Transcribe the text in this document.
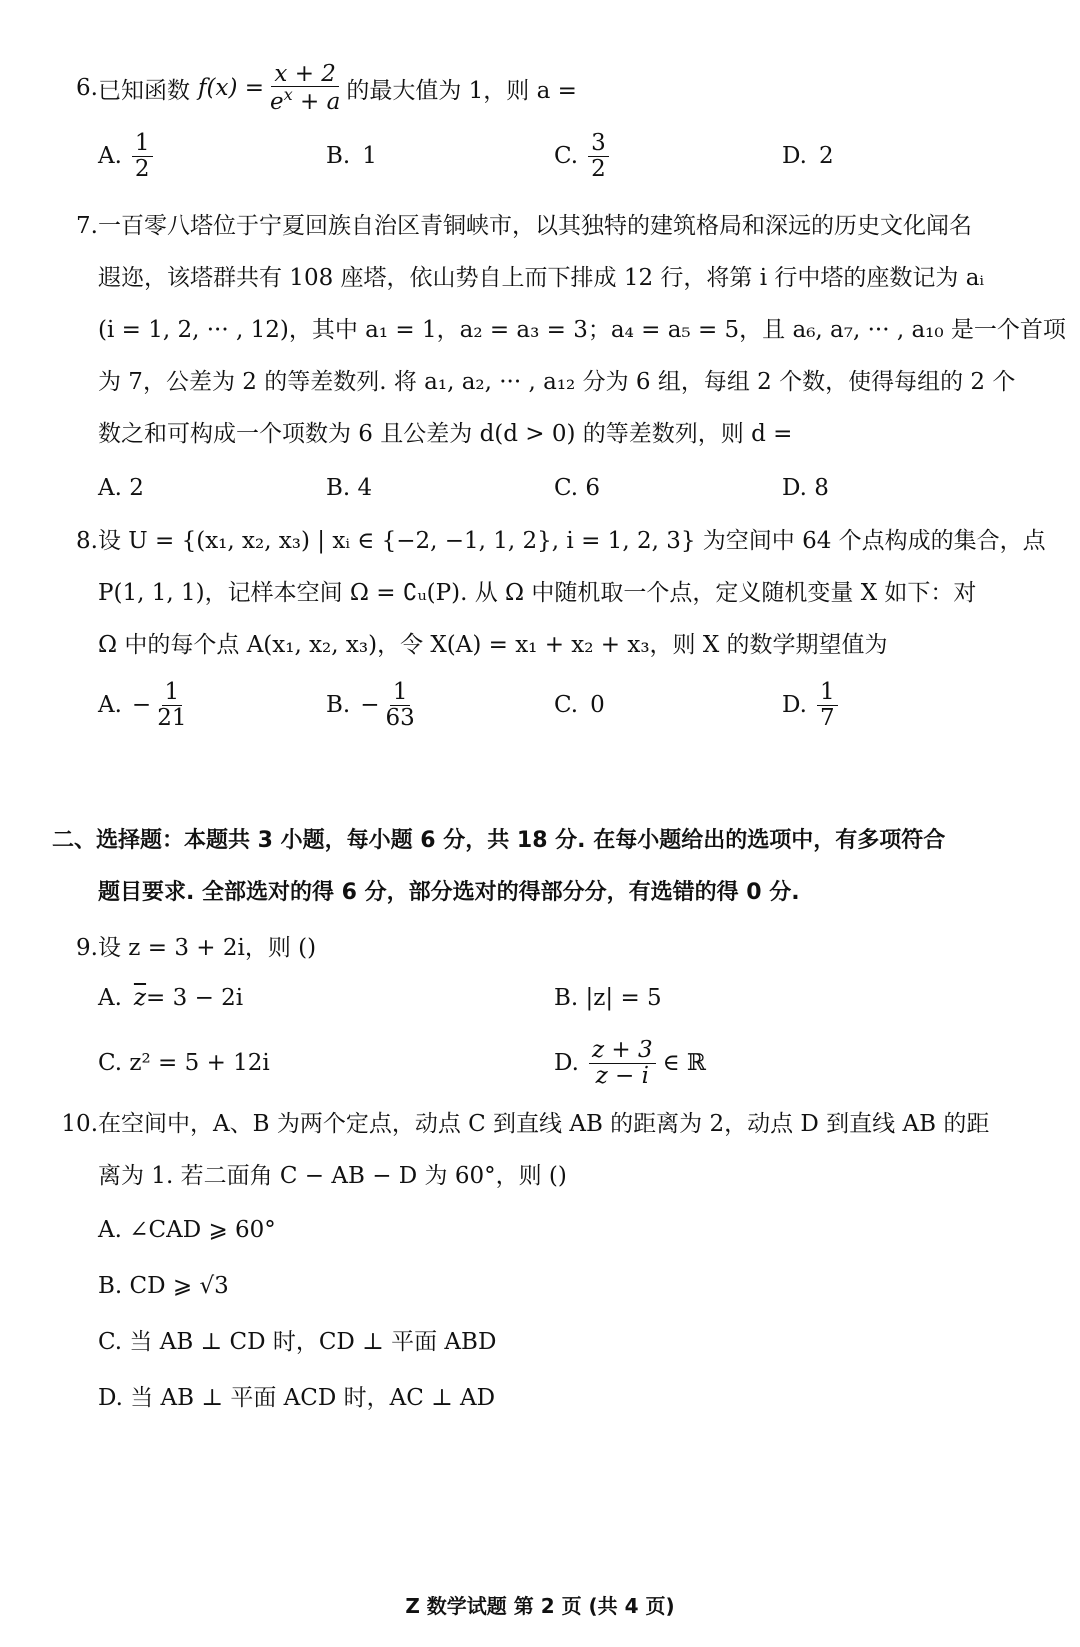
6. 已知函数 $f(x) = \frac{x + 2}{e^x + a}$ 的最大值为 1，则 a =
A. $\frac{1}{2}$	B. 1	C. $\frac{3}{2}$	D. 2
7. 一百零八塔位于宁夏回族自治区青铜峡市，以其独特的建筑格局和深远的历史文化闻名
遐迩，该塔群共有 108 座塔，依山势自上而下排成 12 行，将第 i 行中塔的座数记为 aᵢ
(i = 1, 2, ··· , 12)，其中 a₁ = 1，a₂ = a₃ = 3；a₄ = a₅ = 5，且 a₆, a₇, ··· , a₁₀ 是一个首项
为 7，公差为 2 的等差数列. 将 a₁, a₂, ··· , a₁₂ 分为 6 组，每组 2 个数，使得每组的 2 个
数之和可构成一个项数为 6 且公差为 d(d > 0) 的等差数列，则 d =
A. 2	B. 4	C. 6	D. 8
8. 设 U = {(x₁, x₂, x₃) | xᵢ ∈ {−2, −1, 1, 2}, i = 1, 2, 3} 为空间中 64 个点构成的集合，点
P(1, 1, 1)，记样本空间 Ω = ∁ᵤ(P). 从 Ω 中随机取一个点，定义随机变量 X 如下：对
Ω 中的每个点 A(x₁, x₂, x₃)，令 X(A) = x₁ + x₂ + x₃，则 X 的数学期望值为
A. − $\frac{1}{21}$	B. − $\frac{1}{63}$	C. 0	D. $\frac{1}{7}$
二、选择题：本题共 3 小题，每小题 6 分，共 18 分. 在每小题给出的选项中，有多项符合
题目要求. 全部选对的得 6 分，部分选对的得部分分，有选错的得 0 分.
9. 设 z = 3 + 2i，则 ()
A. $\overline{z} = 3 - 2i$	B. |z| = 5
C. z² = 5 + 12i	D. $\frac{z + 3}{z - i}$ ∈ ℝ
10. 在空间中，A、B 为两个定点，动点 C 到直线 AB 的距离为 2，动点 D 到直线 AB 的距
离为 1. 若二面角 C − AB − D 为 60°，则 ()
A. ∠CAD ⩾ 60°
B. CD ⩾ √3
C. 当 AB ⊥ CD 时，CD ⊥ 平面 ABD
D. 当 AB ⊥ 平面 ACD 时，AC ⊥ AD
Z 数学试题 第 2 页 (共 4 页)
